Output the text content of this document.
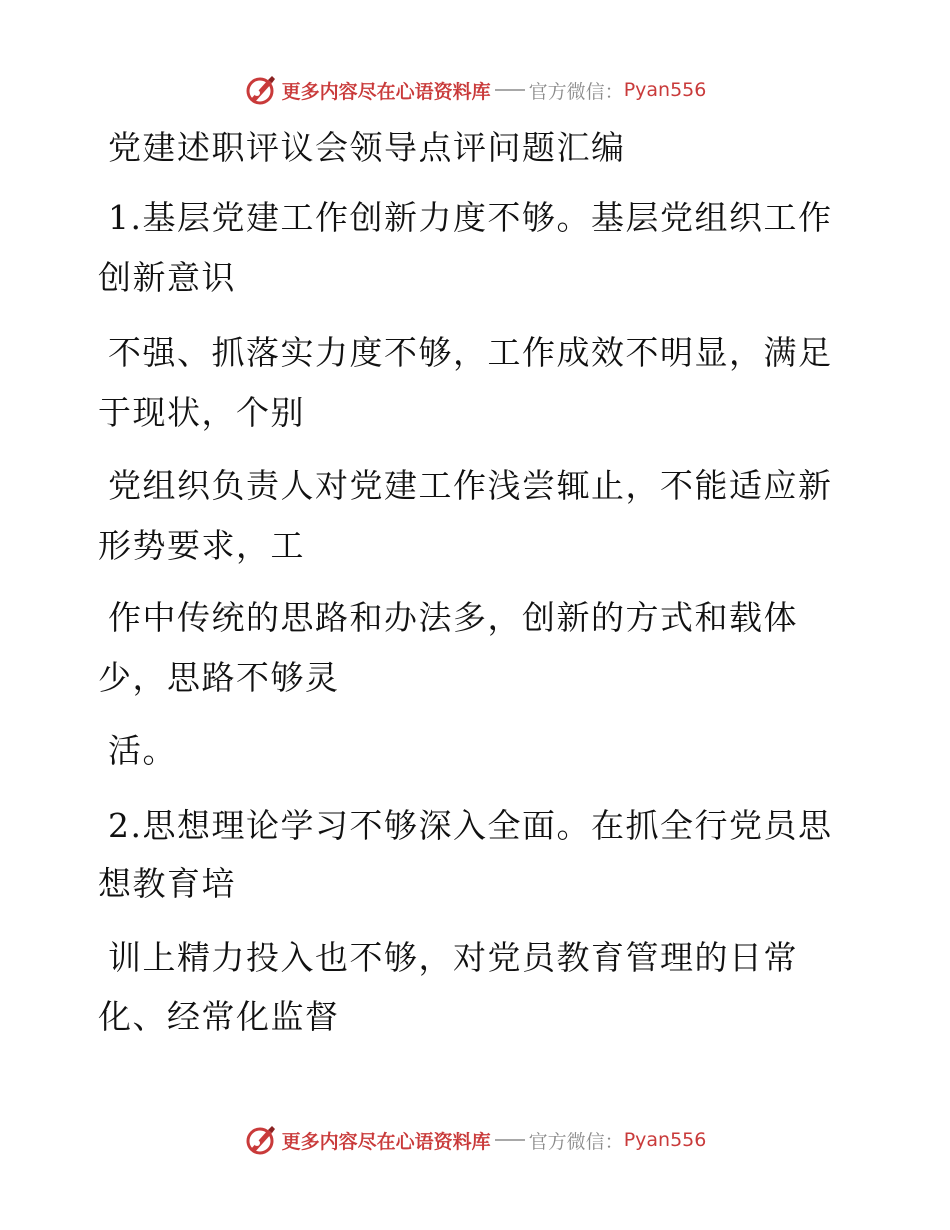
更多内容尽在心语资料库 官方微信： Pyan556
党建述职评议会领导点评问题汇编
1.基层党建工作创新力度不够。基层党组织工作
创新意识
不强、抓落实力度不够，工作成效不明显，满足
于现状，个别
党组织负责人对党建工作浅尝辄止，不能适应新
形势要求，工
作中传统的思路和办法多，创新的方式和载体
少，思路不够灵
活。
2.思想理论学习不够深入全面。在抓全行党员思
想教育培
训上精力投入也不够，对党员教育管理的日常
化、经常化监督
更多内容尽在心语资料库 官方微信： Pyan556
